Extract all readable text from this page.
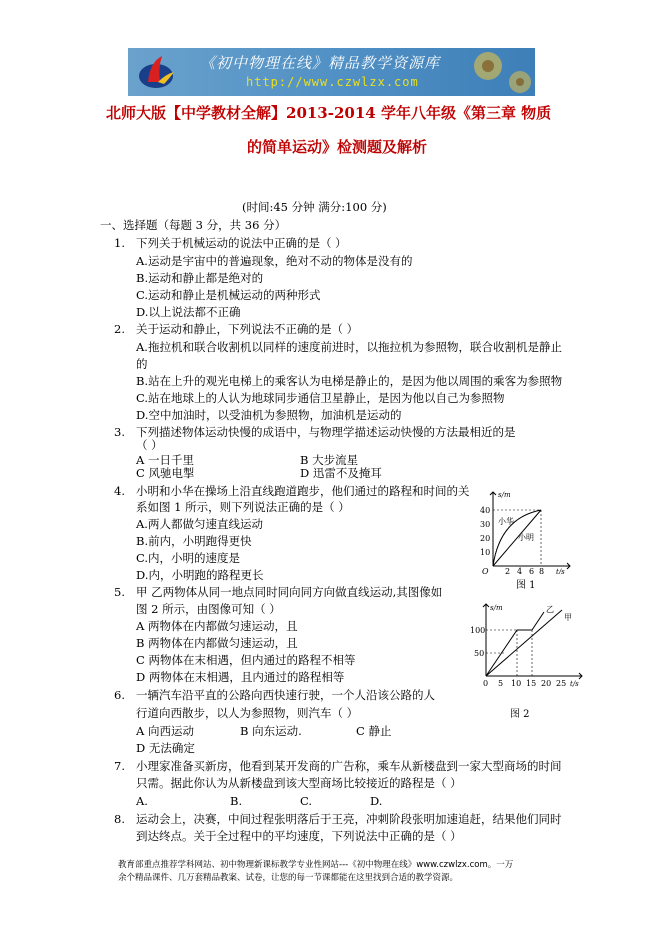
《初中物理在线》精品教学资源库
http://www.czwlzx.com
北师大版【中学教材全解】2013-2014 学年八年级《第三章 物质
的简单运动》检测题及解析
(时间:45 分钟 满分:100 分)
一、选择题（每题 3 分，共 36 分）
1. 下列关于机械运动的说法中正确的是（ ）
A.运动是宇宙中的普遍现象，绝对不动的物体是没有的
B.运动和静止都是绝对的
C.运动和静止是机械运动的两种形式
D.以上说法都不正确
2. 关于运动和静止，下列说法不正确的是（ ）
A.拖拉机和联合收割机以同样的速度前进时，以拖拉机为参照物，联合收割机是静止
的
B.站在上升的观光电梯上的乘客认为电梯是静止的，是因为他以周围的乘客为参照物
C.站在地球上的人认为地球同步通信卫星静止，是因为他以自己为参照物
D.空中加油时，以受油机为参照物，加油机是运动的
3. 下列描述物体运动快慢的成语中，与物理学描述运动快慢的方法最相近的是
（ ）
A 一日千里	B 大步流星
C 风驰电掣	D 迅雷不及掩耳
4. 小明和小华在操场上沿直线跑道跑步，他们通过的路程和时间的关
系如图 1 所示，则下列说法正确的是（ ）
A.两人都做匀速直线运动
B.前内，小明跑得更快
C.内，小明的速度是
D.内，小明跑的路程更长
5. 甲 乙两物体从同一地点同时同向同方向做直线运动,其图像如
图 2 所示，由图像可知（ ）
A 两物体在内都做匀速运动，且
B 两物体在内都做匀速运动，且
C 两物体在末相遇，但内通过的路程不相等
D 两物体在末相遇，且内通过的路程相等
6. 一辆汽车沿平直的公路向西快速行驶，一个人沿该公路的人
行道向西散步，以人为参照物，则汽车（ ）
A 向西运动	B 向东运动.	C 静止
D 无法确定
7. 小理家准备买新房，他看到某开发商的广告称，乘车从新楼盘到一家大型商场的时间
只需。据此你认为从新楼盘到该大型商场比较接近的路程是（ ）
A.	B.	C.	D.
8. 运动会上，决赛，中间过程张明落后于王亮，冲刺阶段张明加速追赶，结果他们同时
到达终点。关于全过程中的平均速度，下列说法中正确的是（ ）
40
30
20
10
2 4 6 8
O
s/m
t/s
小华
小明
图 1
100
50
0 5 10 15 20 25
s/m
t/s
乙
甲
图 2
教育部重点推荐学科网站、初中物理新课标教学专业性网站---《初中物理在线》www.czwlzx.com。一万
余个精品课件、几万套精品教案、试卷，让您的每一节课都能在这里找到合适的教学资源。
